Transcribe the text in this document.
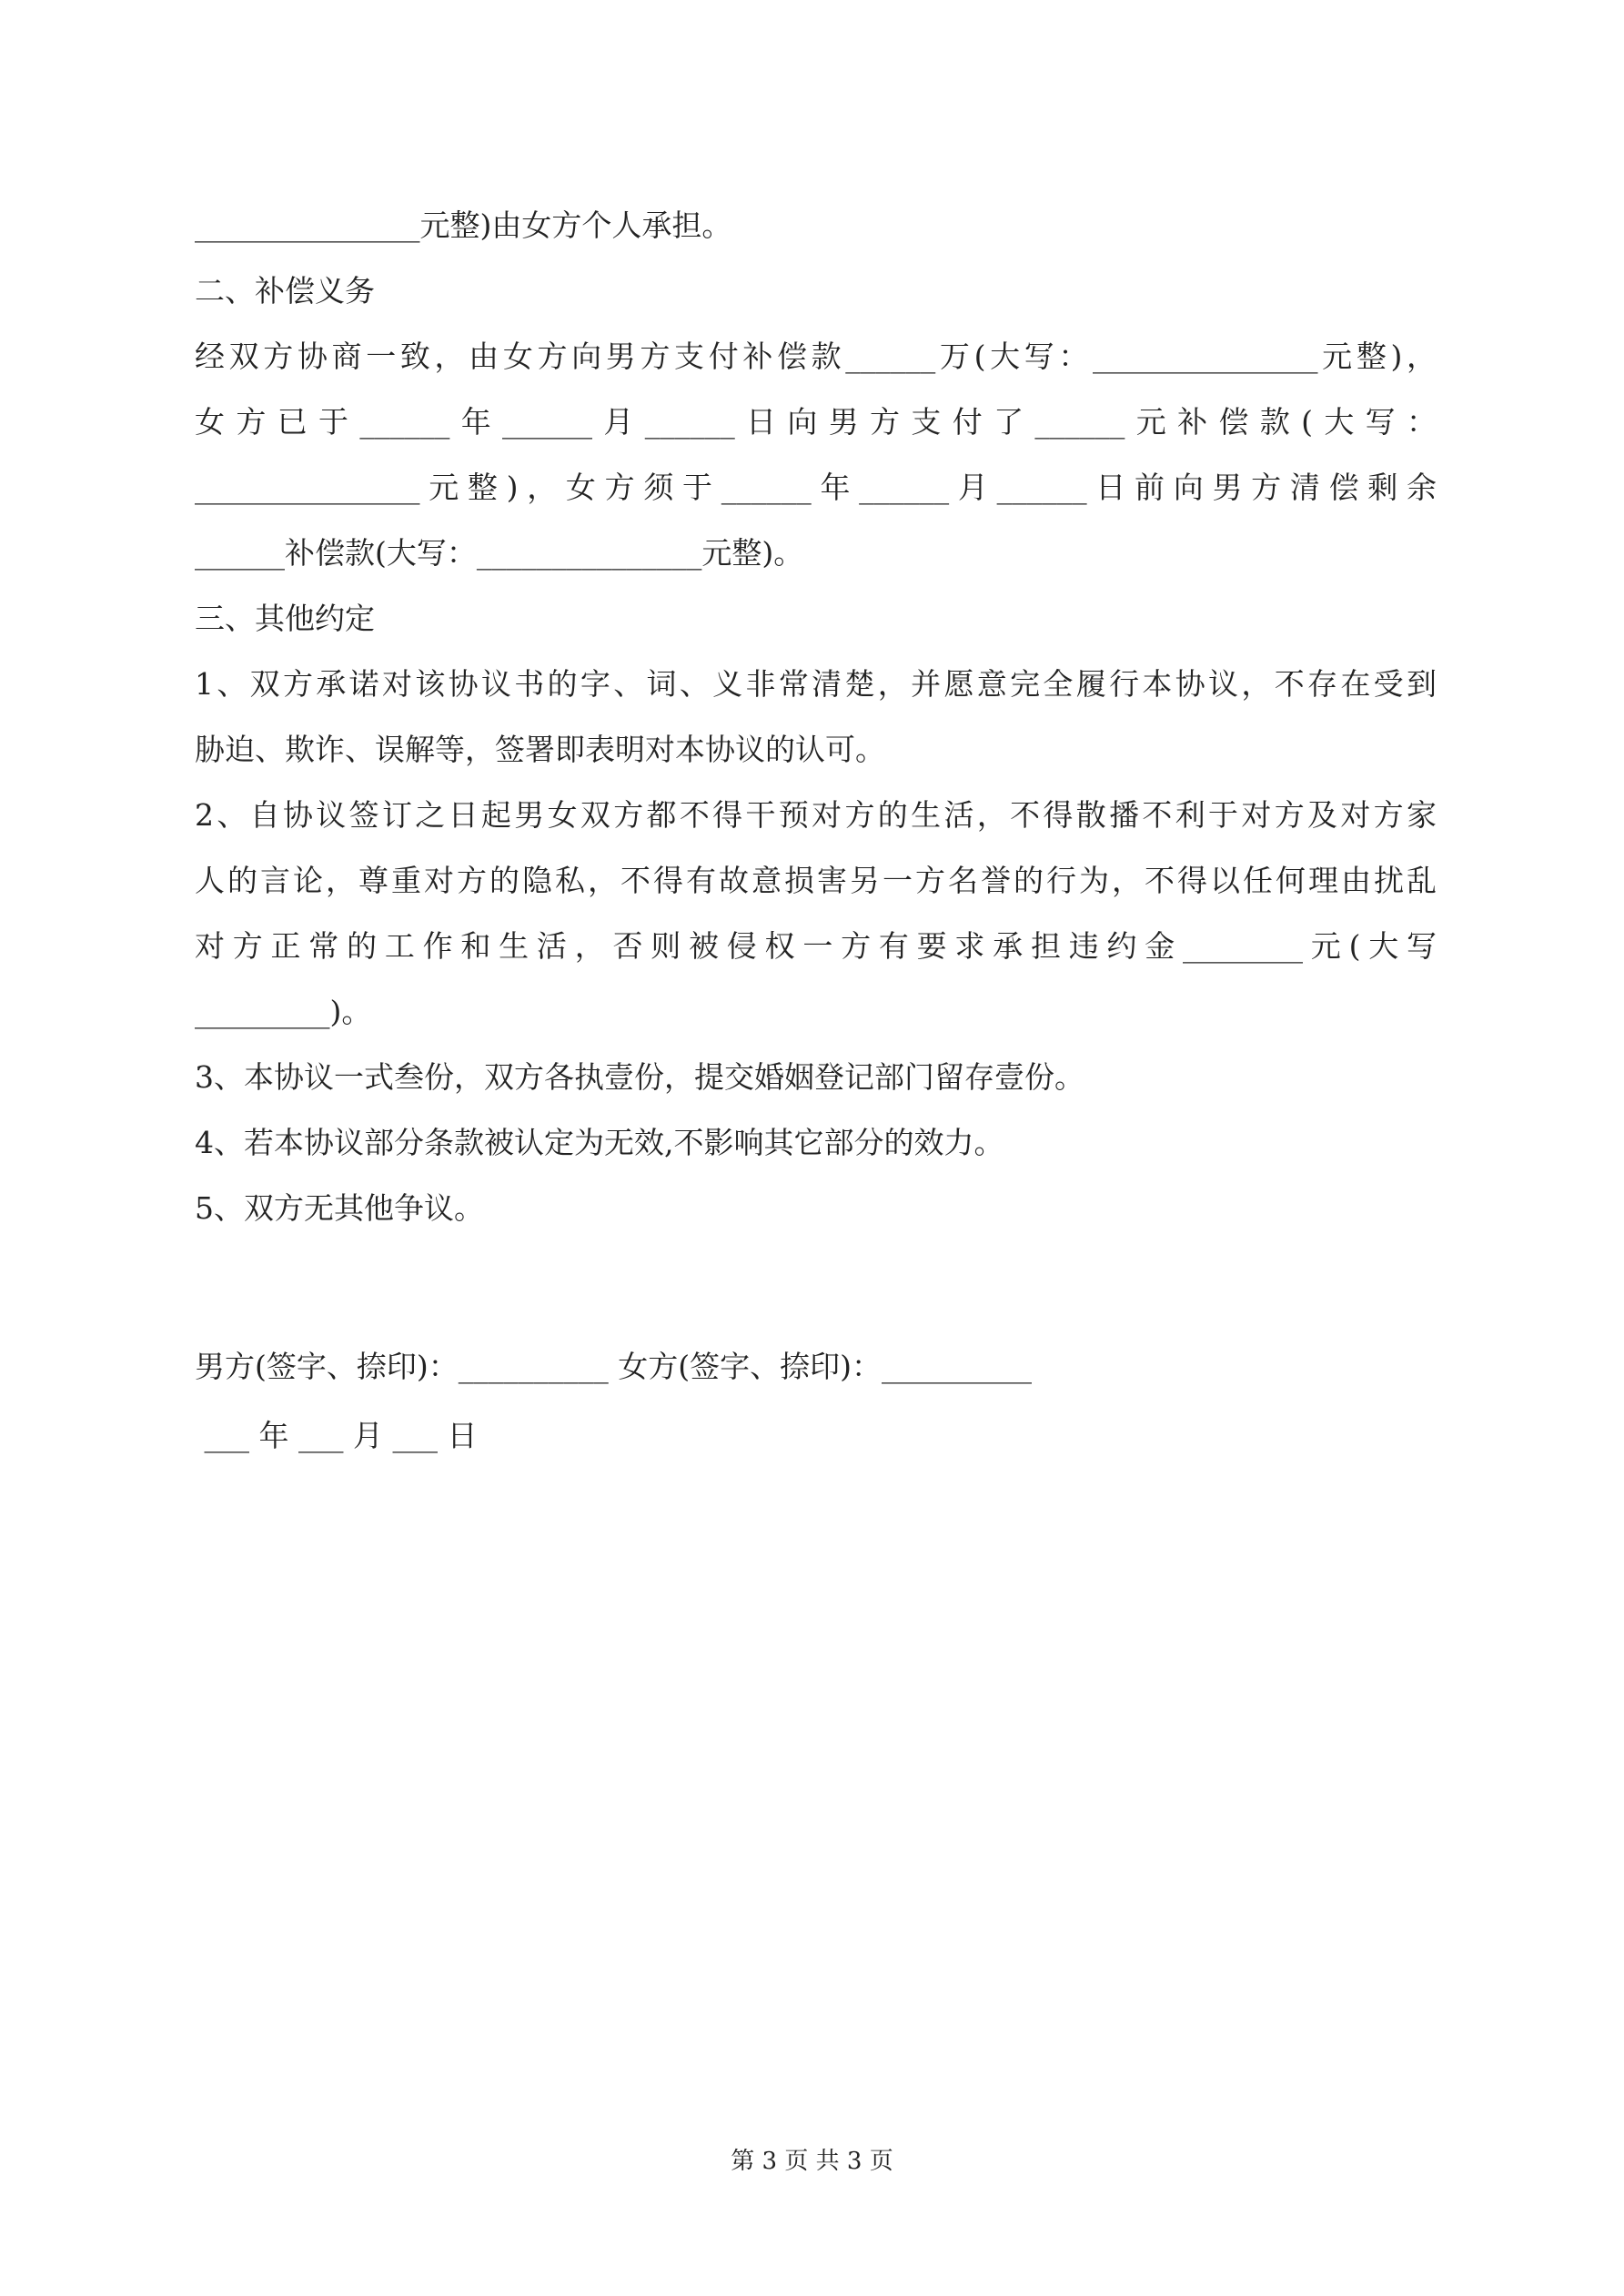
_______________元整)由女方个人承担。
二、补偿义务
经双方协商一致，由女方向男方支付补偿款______万(大写：_______________元整)，
女方已于______年______月______日向男方支付了______元补偿款(大写：
_______________元整)，女方须于______年______月______日前向男方清偿剩余
______补偿款(大写：_______________元整)。
三、其他约定
1、双方承诺对该协议书的字、词、义非常清楚，并愿意完全履行本协议，不存在受到
胁迫、欺诈、误解等，签署即表明对本协议的认可。
2、自协议签订之日起男女双方都不得干预对方的生活，不得散播不利于对方及对方家
人的言论，尊重对方的隐私，不得有故意损害另一方名誉的行为，不得以任何理由扰乱
对方正常的工作和生活，否则被侵权一方有要求承担违约金________元(大写
_________)。
3、本协议一式叁份，双方各执壹份，提交婚姻登记部门留存壹份。
4、若本协议部分条款被认定为无效,不影响其它部分的效力。
5、双方无其他争议。
男方(签字、捺印)：__________ 女方(签字、捺印)：__________
___ 年 ___ 月 ___ 日
第 3 页 共 3 页
